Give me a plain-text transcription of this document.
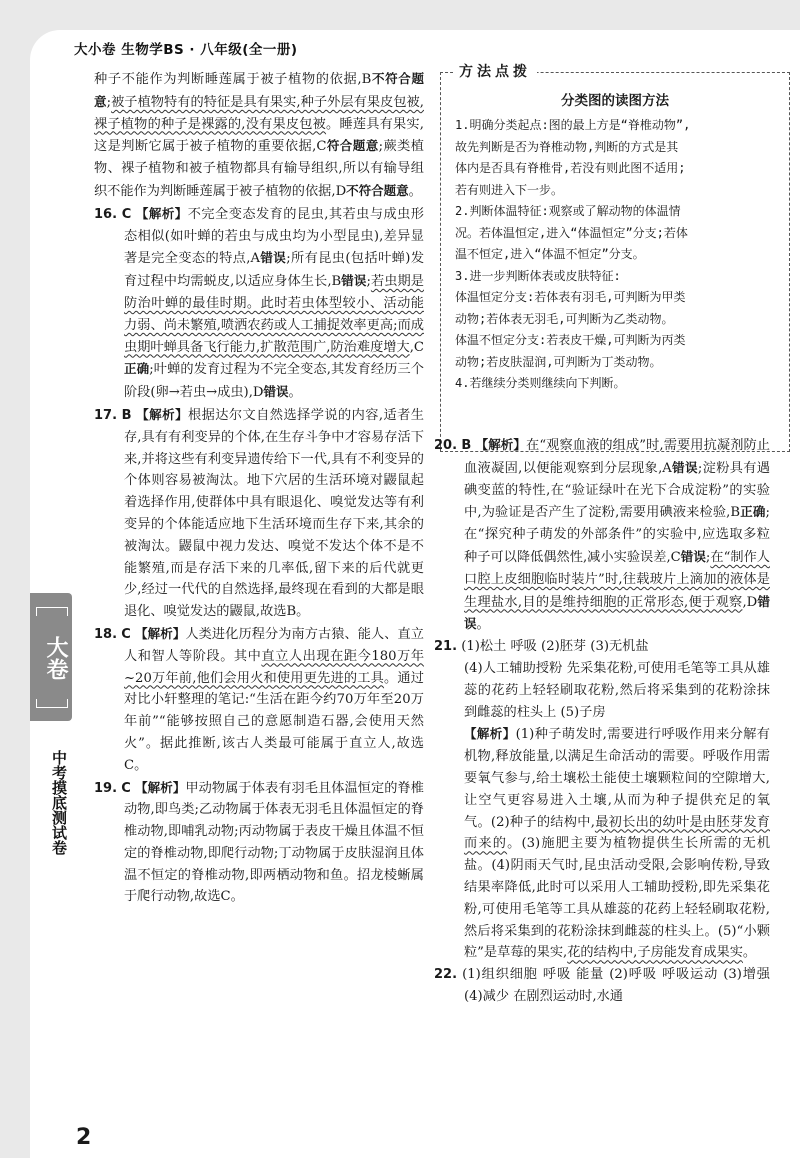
大小卷 生物学BS · 八年级(全一册)
大卷
中考摸底测试卷

种子不能作为判断睡莲属于被子植物的依据,B不符合题意;被子植物特有的特征是具有果实,种子外层有果皮包被,裸子植物的种子是裸露的,没有果皮包被。睡莲具有果实,这是判断它属于被子植物的重要依据,C符合题意;蕨类植物、裸子植物和被子植物都具有输导组织,所以有输导组织不能作为判断睡莲属于被子植物的依据,D不符合题意。

16. C 【解析】不完全变态发育的昆虫,其若虫与成虫形态相似(如叶蝉的若虫与成虫均为小型昆虫),差异显著是完全变态的特点,A错误;所有昆虫(包括叶蝉)发育过程中均需蜕皮,以适应身体生长,B错误;若虫期是防治叶蝉的最佳时期。此时若虫体型较小、活动能力弱、尚未繁殖,喷洒农药或人工捕捉效率更高;而成虫期叶蝉具备飞行能力,扩散范围广,防治难度增大,C正确;叶蝉的发育过程为不完全变态,其发育经历三个阶段(卵→若虫→成虫),D错误。

17. B 【解析】根据达尔文自然选择学说的内容,适者生存,具有有利变异的个体,在生存斗争中才容易存活下来,并将这些有利变异遗传给下一代,具有不利变异的个体则容易被淘汰。地下穴居的生活环境对鼹鼠起着选择作用,使群体中具有眼退化、嗅觉发达等有利变异的个体能适应地下生活环境而生存下来,其余的被淘汰。鼹鼠中视力发达、嗅觉不发达个体不是不能繁殖,而是存活下来的几率低,留下来的后代就更少,经过一代代的自然选择,最终现在看到的大都是眼退化、嗅觉发达的鼹鼠,故选B。

18. C 【解析】人类进化历程分为南方古猿、能人、直立人和智人等阶段。其中直立人出现在距今180万年~20万年前,他们会用火和使用更先进的工具。通过对比小轩整理的笔记:“生活在距今约70万年至20万年前”“能够按照自己的意愿制造石器,会使用天然火”。据此推断,该古人类最可能属于直立人,故选C。

19. C 【解析】甲动物属于体表有羽毛且体温恒定的脊椎动物,即鸟类;乙动物属于体表无羽毛且体温恒定的脊椎动物,即哺乳动物;丙动物属于表皮干燥且体温不恒定的脊椎动物,即爬行动物;丁动物属于皮肤湿润且体温不恒定的脊椎动物,即两栖动物和鱼。招龙棱蜥属于爬行动物,故选C。

方法点拨
分类图的读图方法
1.明确分类起点:图的最上方是“脊椎动物”,
故先判断是否为脊椎动物,判断的方式是其
体内是否具有脊椎骨,若没有则此图不适用;
若有则进入下一步。
2.判断体温特征:观察或了解动物的体温情
况。若体温恒定,进入“体温恒定”分支;若体
温不恒定,进入“体温不恒定”分支。
3.进一步判断体表或皮肤特征:
体温恒定分支:若体表有羽毛,可判断为甲类
动物;若体表无羽毛,可判断为乙类动物。
体温不恒定分支:若表皮干燥,可判断为丙类
动物;若皮肤湿润,可判断为丁类动物。
4.若继续分类则继续向下判断。

20. B 【解析】在“观察血液的组成”时,需要用抗凝剂防止血液凝固,以便能观察到分层现象,A错误;淀粉具有遇碘变蓝的特性,在“验证绿叶在光下合成淀粉”的实验中,为验证是否产生了淀粉,需要用碘液来检验,B正确;在“探究种子萌发的外部条件”的实验中,应选取多粒种子可以降低偶然性,减小实验误差,C错误;在“制作人口腔上皮细胞临时装片”时,往载玻片上滴加的液体是生理盐水,目的是维持细胞的正常形态,便于观察,D错误。

21. (1)松土 呼吸 (2)胚芽 (3)无机盐

(4)人工辅助授粉 先采集花粉,可使用毛笔等工具从雄蕊的花药上轻轻刷取花粉,然后将采集到的花粉涂抹到雌蕊的柱头上 (5)子房

【解析】(1)种子萌发时,需要进行呼吸作用来分解有机物,释放能量,以满足生命活动的需要。呼吸作用需要氧气参与,给土壤松土能使土壤颗粒间的空隙增大,让空气更容易进入土壤,从而为种子提供充足的氧气。(2)种子的结构中,最初长出的幼叶是由胚芽发育而来的。(3)施肥主要为植物提供生长所需的无机盐。(4)阴雨天气时,昆虫活动受限,会影响传粉,导致结果率降低,此时可以采用人工辅助授粉,即先采集花粉,可使用毛笔等工具从雄蕊的花药上轻轻刷取花粉,然后将采集到的花粉涂抹到雌蕊的柱头上。(5)“小颗粒”是草莓的果实,花的结构中,子房能发育成果实。

22. (1)组织细胞 呼吸 能量 (2)呼吸 呼吸运动 (3)增强 (4)减少 在剧烈运动时,水通

2
